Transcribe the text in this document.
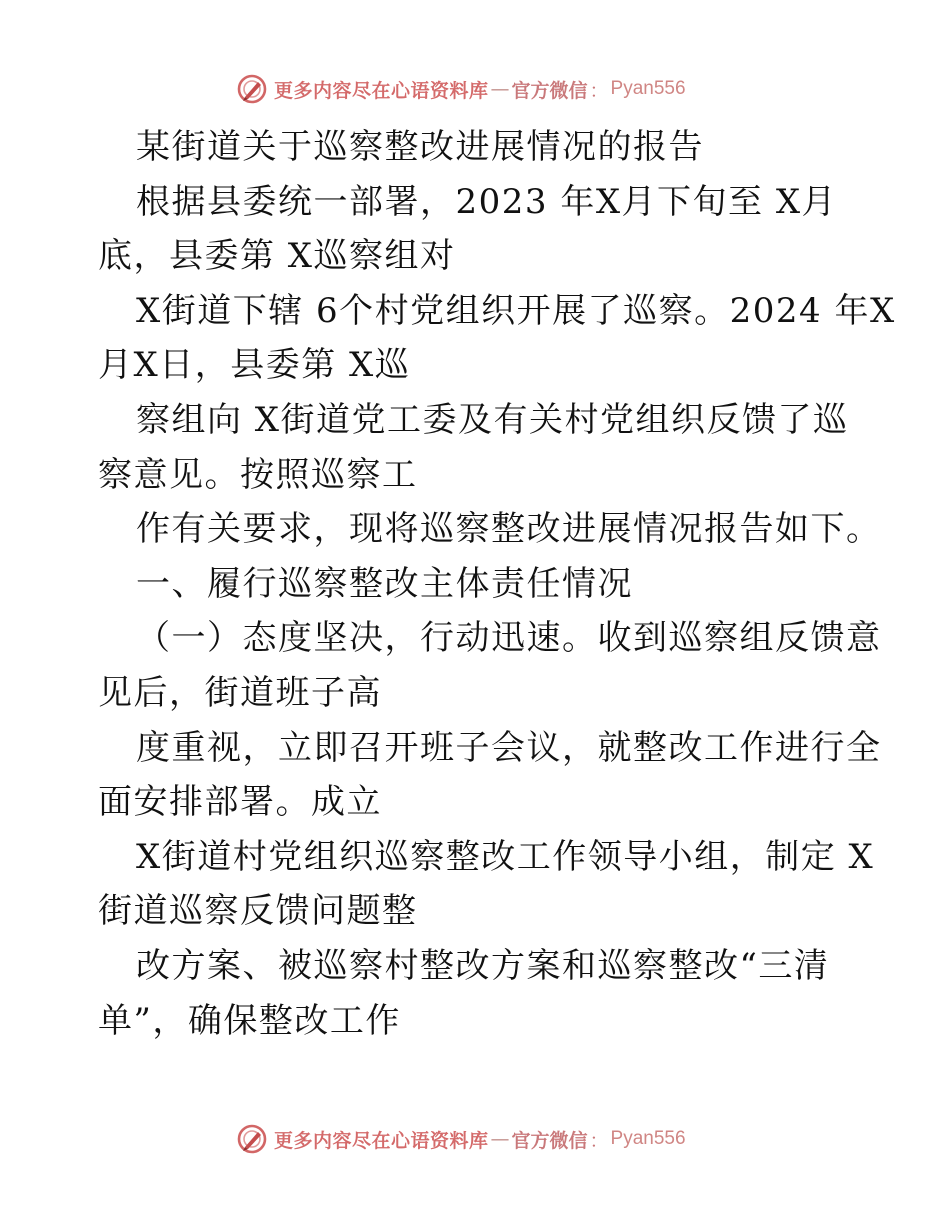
更多内容尽在心语资料库 — 官方微信 ： Pyan556
某街道关于巡察整改进展情况的报告
根据县委统一部署，2023 年X月下旬至 X月
底，县委第 X巡察组对
X街道下辖 6个村党组织开展了巡察。2024 年X
月X日，县委第 X巡
察组向 X街道党工委及有关村党组织反馈了巡
察意见。按照巡察工
作有关要求，现将巡察整改进展情况报告如下。
一、履行巡察整改主体责任情况
（一）态度坚决，行动迅速。收到巡察组反馈意
见后，街道班子高
度重视，立即召开班子会议，就整改工作进行全
面安排部署。成立
X街道村党组织巡察整改工作领导小组，制定 X
街道巡察反馈问题整
改方案、被巡察村整改方案和巡察整改“三清
单”，确保整改工作
更多内容尽在心语资料库 — 官方微信 ： Pyan556
